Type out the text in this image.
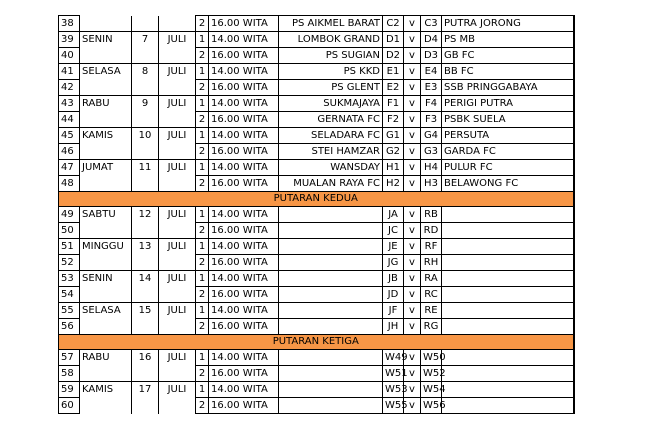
38				2	16.00 WITA	PS AIKMEL BARAT	C2	v	C3	PUTRA JORONG
39	SENIN	7	JULI	1	14.00 WITA	LOMBOK GRAND	D1	v	D4	PS MB
40				2	16.00 WITA	PS SUGIAN	D2	v	D3	GB FC
41	SELASA	8	JULI	1	14.00 WITA	PS KKD	E1	v	E4	BB FC
42				2	16.00 WITA	PS GLENT	E2	v	E3	SSB PRINGGABAYA
43	RABU	9	JULI	1	14.00 WITA	SUKMAJAYA	F1	v	F4	PERIGI PUTRA
44				2	16.00 WITA	GERNATA FC	F2	v	F3	PSBK SUELA
45	KAMIS	10	JULI	1	14.00 WITA	SELADARA FC	G1	v	G4	PERSUTA
46				2	16.00 WITA	STEI HAMZAR	G2	v	G3	GARDA FC
47	JUMAT	11	JULI	1	14.00 WITA	WANSDAY	H1	v	H4	PULUR FC
48				2	16.00 WITA	MUALAN RAYA FC	H2	v	H3	BELAWONG FC
PUTARAN KEDUA										
49	SABTU	12	JULI	1	14.00 WITA		JA	v	RB	
50				2	16.00 WITA		JC	v	RD	
51	MINGGU	13	JULI	1	14.00 WITA		JE	v	RF	
52				2	16.00 WITA		JG	v	RH	
53	SENIN	14	JULI	1	14.00 WITA		JB	v	RA	
54				2	16.00 WITA		JD	v	RC	
55	SELASA	15	JULI	1	14.00 WITA		JF	v	RE	
56				2	16.00 WITA		JH	v	RG	
PUTARAN KETIGA										
57	RABU	16	JULI	1	14.00 WITA		W49	v	W50	
58				2	16.00 WITA		W51	v	W52	
59	KAMIS	17	JULI	1	14.00 WITA		W53	v	W54	
60				2	16.00 WITA		W55	v	W56	
